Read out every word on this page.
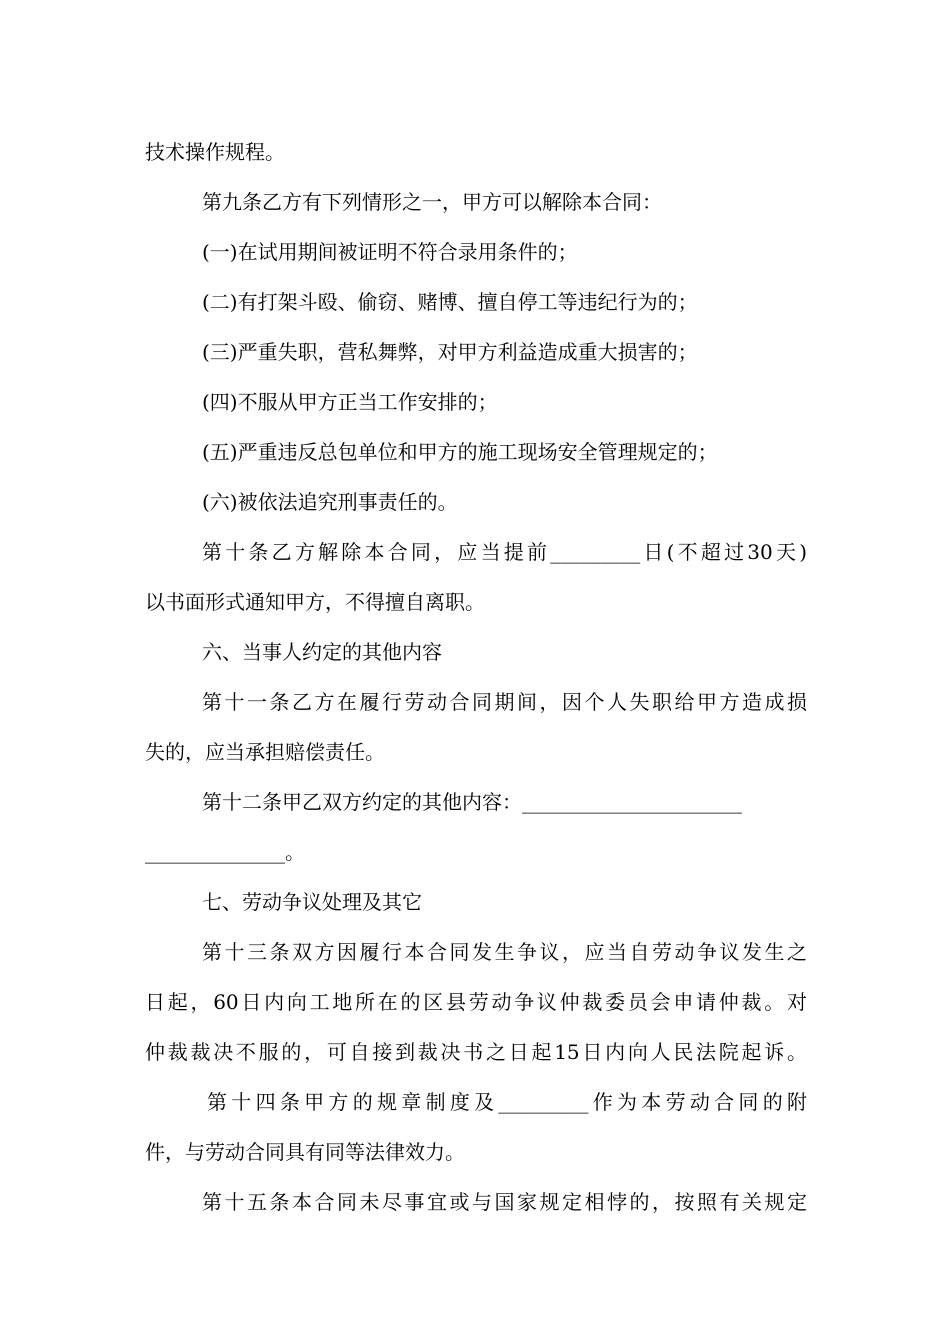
技术操作规程。
第九条乙方有下列情形之一，甲方可以解除本合同：
(一)在试用期间被证明不符合录用条件的；
(二)有打架斗殴、偷窃、赌博、擅自停工等违纪行为的；
(三)严重失职，营私舞弊，对甲方利益造成重大损害的；
(四)不服从甲方正当工作安排的；
(五)严重违反总包单位和甲方的施工现场安全管理规定的；
(六)被依法追究刑事责任的。
第十条乙方解除本合同，应当提前_________日(不超过30天)
以书面形式通知甲方，不得擅自离职。
六、当事人约定的其他内容
第十一条乙方在履行劳动合同期间，因个人失职给甲方造成损
失的，应当承担赔偿责任。
第十二条甲乙双方约定的其他内容：______________________
______________。
七、劳动争议处理及其它
第十三条双方因履行本合同发生争议，应当自劳动争议发生之
日起，60日内向工地所在的区县劳动争议仲裁委员会申请仲裁。对
仲裁裁决不服的，可自接到裁决书之日起15日内向人民法院起诉。
第十四条甲方的规章制度及_________作为本劳动合同的附
件，与劳动合同具有同等法律效力。
第十五条本合同未尽事宜或与国家规定相悖的，按照有关规定
